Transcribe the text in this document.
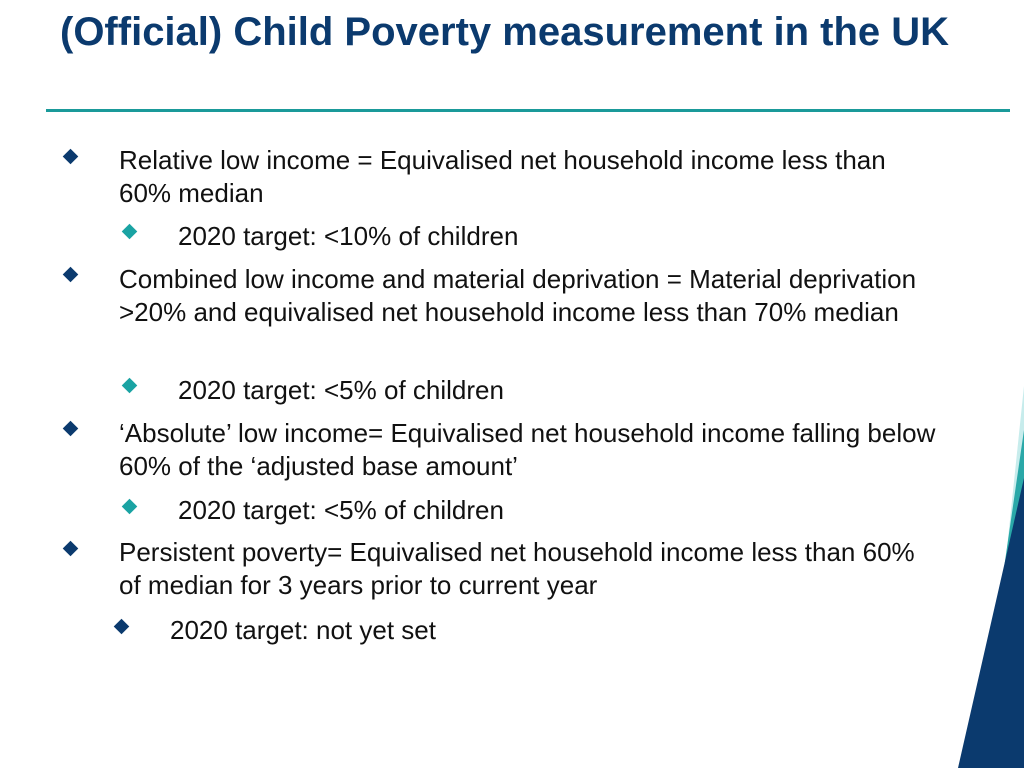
(Official) Child Poverty measurement in the UK
Relative low income = Equivalised net household income less than 60% median
2020 target: <10% of children
Combined low income and material deprivation = Material deprivation >20% and equivalised net household income less than 70% median
2020 target: <5% of children
‘Absolute’ low income= Equivalised net household income falling below 60% of the ‘adjusted base amount’
2020 target: <5% of children
Persistent poverty= Equivalised net household income less than 60% of median for 3 years prior to current year
2020 target: not yet set
